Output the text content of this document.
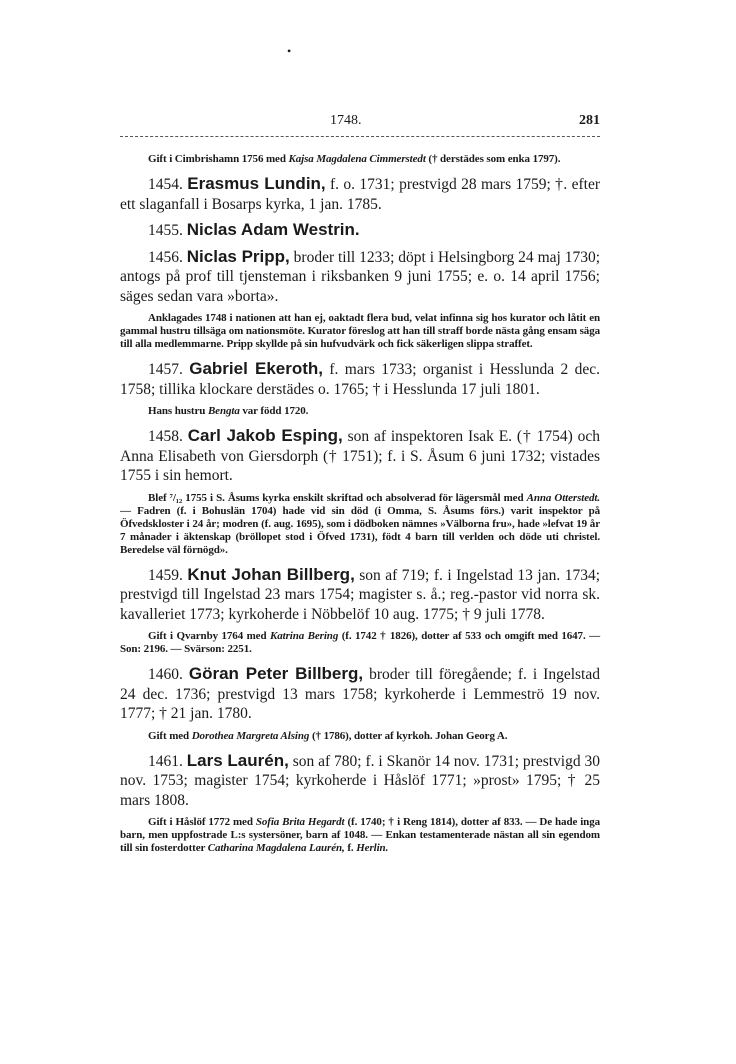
•
1748.	281

Gift i Cimbrishamn 1756 med Kajsa Magdalena Cimmerstedt († derstädes som enka 1797).

1454. Erasmus Lundin, f. o. 1731; prestvigd 28 mars 1759; †. efter ett slaganfall i Bosarps kyrka, 1 jan. 1785.

1455. Niclas Adam Westrin.

1456. Niclas Pripp, broder till 1233; döpt i Helsingborg 24 maj 1730; antogs på prof till tjensteman i riksbanken 9 juni 1755; e. o. 14 april 1756; säges sedan vara »borta».

Anklagades 1748 i nationen att han ej, oaktadt flera bud, velat infinna sig hos kurator och låtit en gammal hustru tillsäga om nationsmöte. Kurator föreslog att han till straff borde nästa gång ensam säga till alla medlemmarne. Pripp skyllde på sin hufvudvärk och fick säkerligen slippa straffet.

1457. Gabriel Ekeroth, f. mars 1733; organist i Hesslunda 2 dec. 1758; tillika klockare derstädes o. 1765; † i Hesslunda 17 juli 1801.

Hans hustru Bengta var född 1720.

1458. Carl Jakob Esping, son af inspektoren Isak E. († 1754) och Anna Elisabeth von Giersdorph († 1751); f. i S. Åsum 6 juni 1732; vistades 1755 i sin hemort.

Blef ⁷/₁₂ 1755 i S. Åsums kyrka enskilt skriftad och absolverad för lägersmål med Anna Otterstedt. — Fadren (f. i Bohuslän 1704) hade vid sin död (i Omma, S. Åsums förs.) varit inspektor på Öfvedskloster i 24 år; modren (f. aug. 1695), som i dödboken nämnes »Välborna fru», hade »lefvat 19 år 7 månader i äktenskap (bröllopet stod i Öfved 1731), födt 4 barn till verlden och döde uti christel. Beredelse väl förnögd».

1459. Knut Johan Billberg, son af 719; f. i Ingelstad 13 jan. 1734; prestvigd till Ingelstad 23 mars 1754; magister s. å.; reg.-pastor vid norra sk. kavalleriet 1773; kyrkoherde i Nöbbelöf 10 aug. 1775; † 9 juli 1778.

Gift i Qvarnby 1764 med Katrina Bering (f. 1742 † 1826), dotter af 533 och omgift med 1647. — Son: 2196. — Svärson: 2251.

1460. Göran Peter Billberg, broder till föregående; f. i Ingelstad 24 dec. 1736; prestvigd 13 mars 1758; kyrkoherde i Lemmeströ 19 nov. 1777; † 21 jan. 1780.

Gift med Dorothea Margreta Alsing († 1786), dotter af kyrkoh. Johan Georg A.

1461. Lars Laurén, son af 780; f. i Skanör 14 nov. 1731; prestvigd 30 nov. 1753; magister 1754; kyrkoherde i Håslöf 1771; »prost» 1795; † 25 mars 1808.

Gift i Håslöf 1772 med Sofia Brita Hegardt (f. 1740; † i Reng 1814), dotter af 833. — De hade inga barn, men uppfostrade L:s systersöner, barn af 1048. — Enkan testamenterade nästan all sin egendom till sin fosterdotter Catharina Magdalena Laurén, f. Herlin.
